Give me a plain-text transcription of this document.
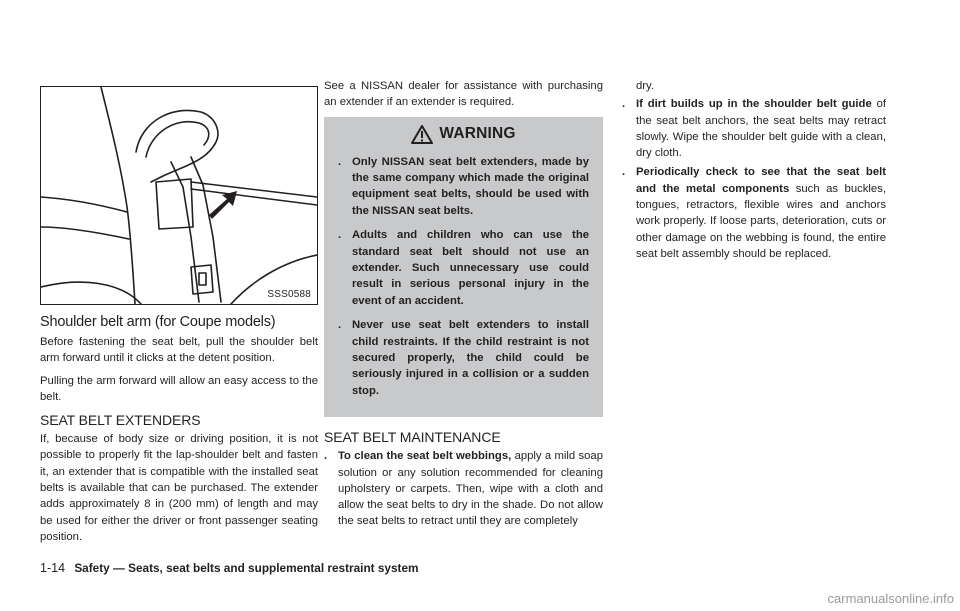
SSS0588
Shoulder belt arm (for Coupe models)

Before fastening the seat belt, pull the shoulder belt arm forward until it clicks at the detent position.

Pulling the arm forward will allow an easy access to the belt.

SEAT BELT EXTENDERS

If, because of body size or driving position, it is not possible to properly fit the lap-shoulder belt and fasten it, an extender that is compatible with the installed seat belts is available that can be purchased. The extender adds approximately 8 in (200 mm) of length and may be used for either the driver or front passenger seating position.

See a NISSAN dealer for assistance with purchasing an extender if an extender is required.

WARNING
. Only NISSAN seat belt extenders, made by the same company which made the original equipment seat belts, should be used with the NISSAN seat belts.
. Adults and children who can use the standard seat belt should not use an extender. Such unnecessary use could result in serious personal injury in the event of an accident.
. Never use seat belt extenders to install child restraints. If the child restraint is not secured properly, the child could be seriously injured in a collision or a sudden stop.
SEAT BELT MAINTENANCE
. To clean the seat belt webbings, apply a mild soap solution or any solution recommended for cleaning upholstery or carpets. Then, wipe with a cloth and allow the seat belts to dry in the shade. Do not allow the seat belts to retract until they are completely

dry.

. If dirt builds up in the shoulder belt guide of the seat belt anchors, the seat belts may retract slowly. Wipe the shoulder belt guide with a clean, dry cloth.
. Periodically check to see that the seat belt and the metal components such as buckles, tongues, retractors, flexible wires and anchors work properly. If loose parts, deterioration, cuts or other damage on the webbing is found, the entire seat belt assembly should be replaced.
1-14 Safety — Seats, seat belts and supplemental restraint system
carmanualsonline.info
